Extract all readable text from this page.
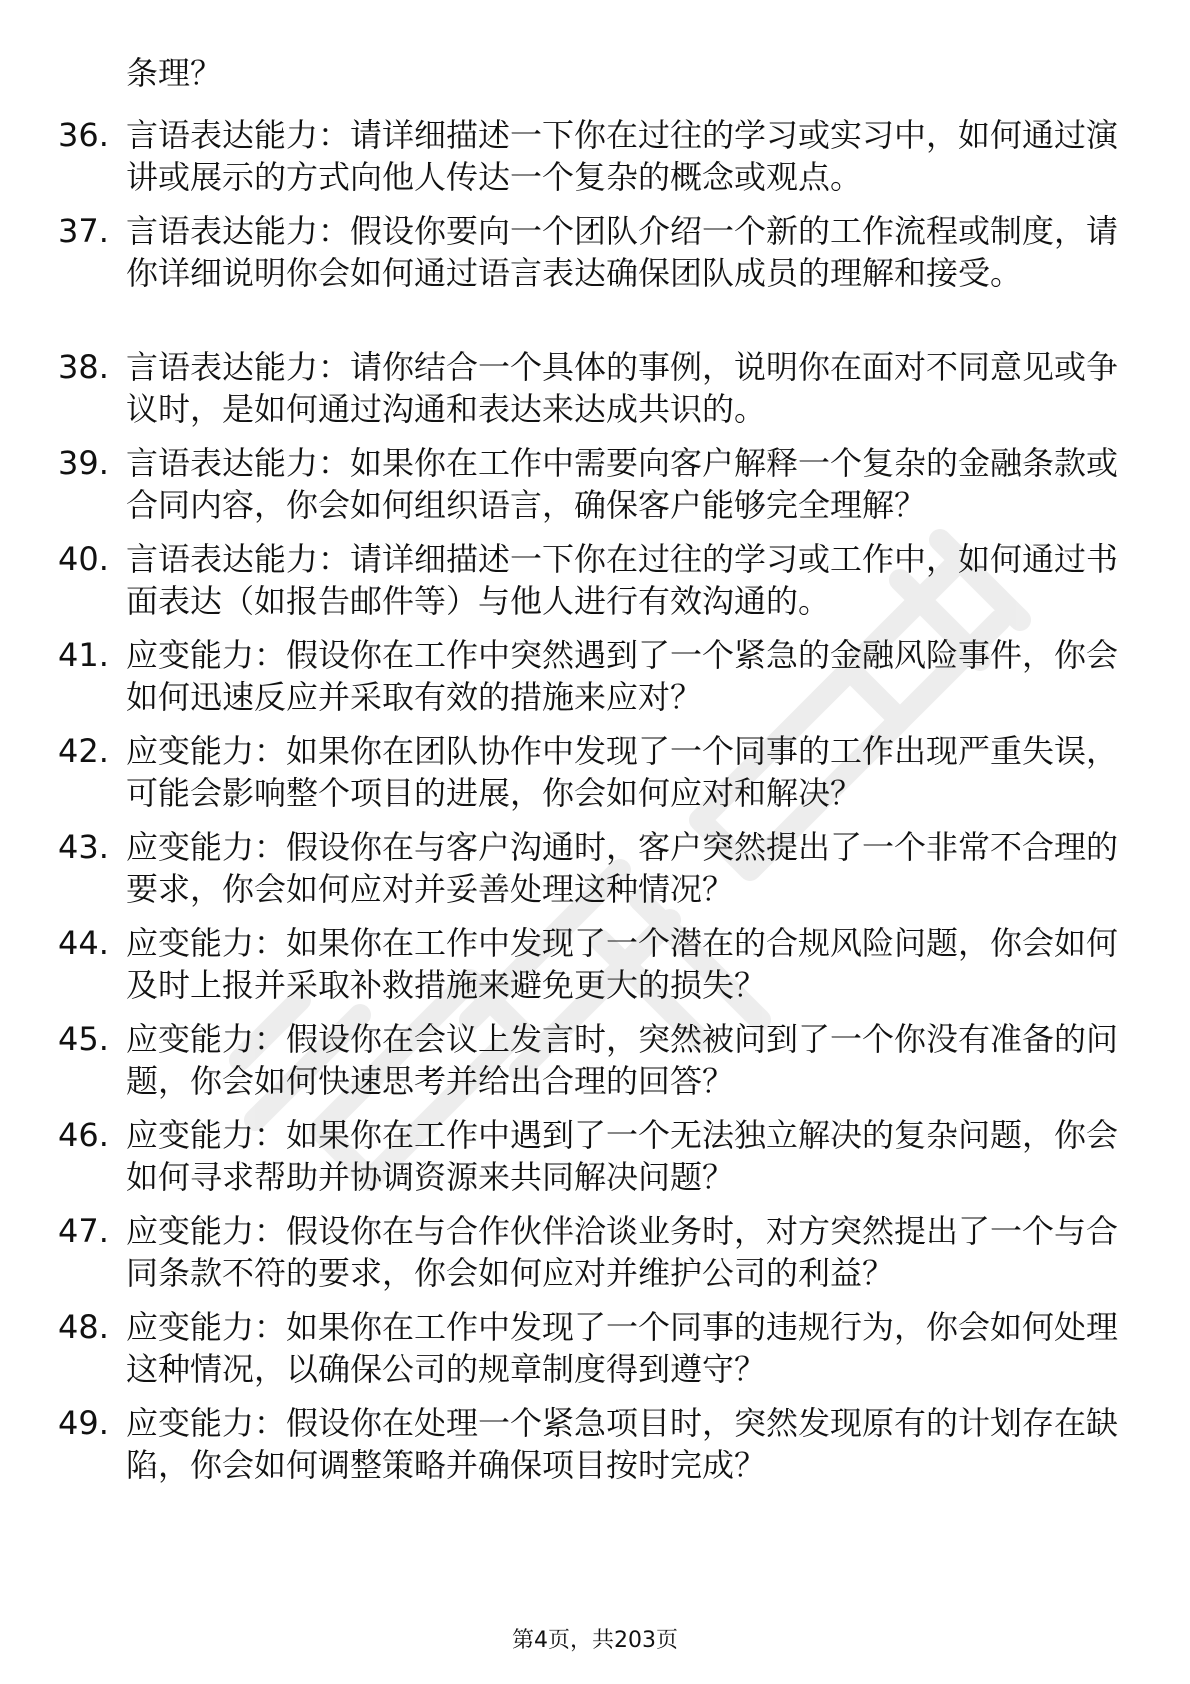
条理？
36. 言语表达能力：请详细描述一下你在过往的学习或实习中，如何通过演讲或展示的方式向他人传达一个复杂的概念或观点。
37. 言语表达能力：假设你要向一个团队介绍一个新的工作流程或制度，请你详细说明你会如何通过语言表达确保团队成员的理解和接受。
38. 言语表达能力：请你结合一个具体的事例，说明你在面对不同意见或争议时，是如何通过沟通和表达来达成共识的。
39. 言语表达能力：如果你在工作中需要向客户解释一个复杂的金融条款或合同内容，你会如何组织语言，确保客户能够完全理解？
40. 言语表达能力：请详细描述一下你在过往的学习或工作中，如何通过书面表达（如报告邮件等）与他人进行有效沟通的。
41. 应变能力：假设你在工作中突然遇到了一个紧急的金融风险事件，你会如何迅速反应并采取有效的措施来应对？
42. 应变能力：如果你在团队协作中发现了一个同事的工作出现严重失误，可能会影响整个项目的进展，你会如何应对和解决？
43. 应变能力：假设你在与客户沟通时，客户突然提出了一个非常不合理的要求，你会如何应对并妥善处理这种情况？
44. 应变能力：如果你在工作中发现了一个潜在的合规风险问题，你会如何及时上报并采取补救措施来避免更大的损失？
45. 应变能力：假设你在会议上发言时，突然被问到了一个你没有准备的问题，你会如何快速思考并给出合理的回答？
46. 应变能力：如果你在工作中遇到了一个无法独立解决的复杂问题，你会如何寻求帮助并协调资源来共同解决问题？
47. 应变能力：假设你在与合作伙伴洽谈业务时，对方突然提出了一个与合同条款不符的要求，你会如何应对并维护公司的利益？
48. 应变能力：如果你在工作中发现了一个同事的违规行为，你会如何处理这种情况，以确保公司的规章制度得到遵守？
49. 应变能力：假设你在处理一个紧急项目时，突然发现原有的计划存在缺陷，你会如何调整策略并确保项目按时完成？
第4页，共203页
